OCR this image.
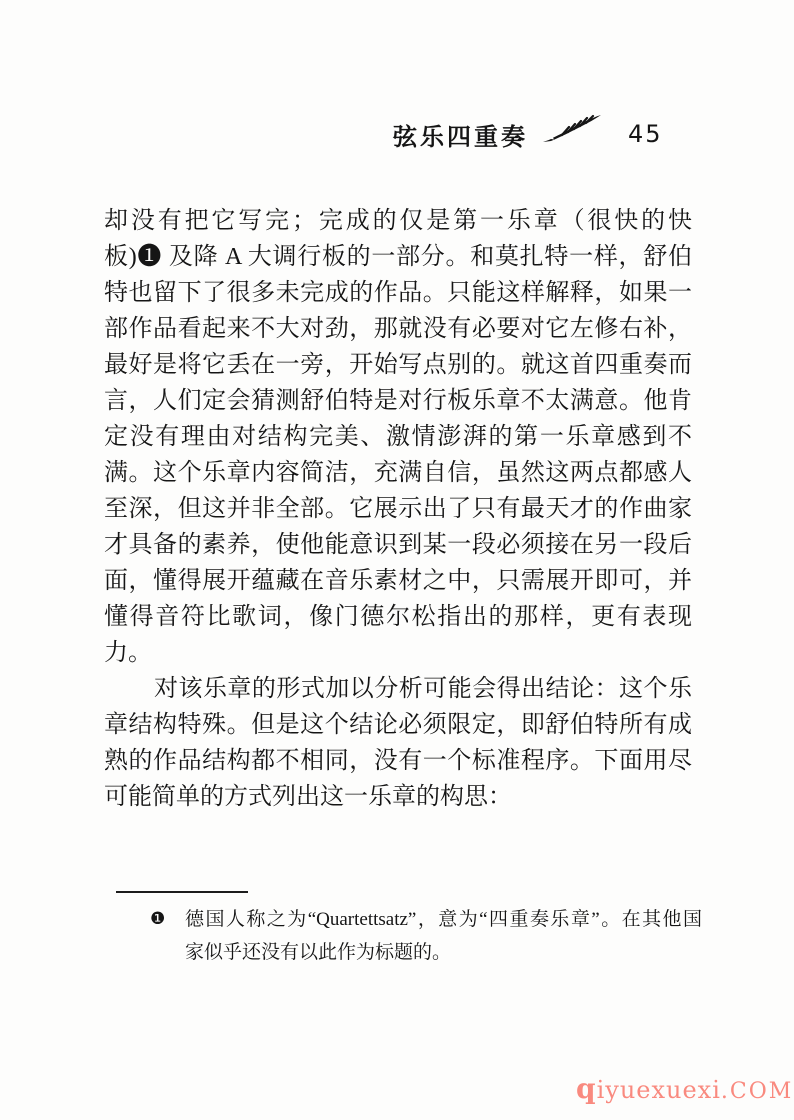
弦乐四重奏	45
却没有把它写完；完成的仅是第一乐章（很快的快
板)❶ 及降 A 大调行板的一部分。和莫扎特一样，舒伯
特也留下了很多未完成的作品。只能这样解释，如果一
部作品看起来不大对劲，那就没有必要对它左修右补，
最好是将它丢在一旁，开始写点别的。就这首四重奏而
言，人们定会猜测舒伯特是对行板乐章不太满意。他肯
定没有理由对结构完美、激情澎湃的第一乐章感到不
满。这个乐章内容简洁，充满自信，虽然这两点都感人
至深，但这并非全部。它展示出了只有最天才的作曲家
才具备的素养，使他能意识到某一段必须接在另一段后
面，懂得展开蕴藏在音乐素材之中，只需展开即可，并
懂得音符比歌词，像门德尔松指出的那样，更有表现
力。
对该乐章的形式加以分析可能会得出结论：这个乐
章结构特殊。但是这个结论必须限定，即舒伯特所有成
熟的作品结构都不相同，没有一个标准程序。下面用尽
可能简单的方式列出这一乐章的构思：
❶ 德国人称之为“Quartettsatz”，意为“四重奏乐章”。在其他国
家似乎还没有以此作为标题的。
qiyuexuexi.COM
